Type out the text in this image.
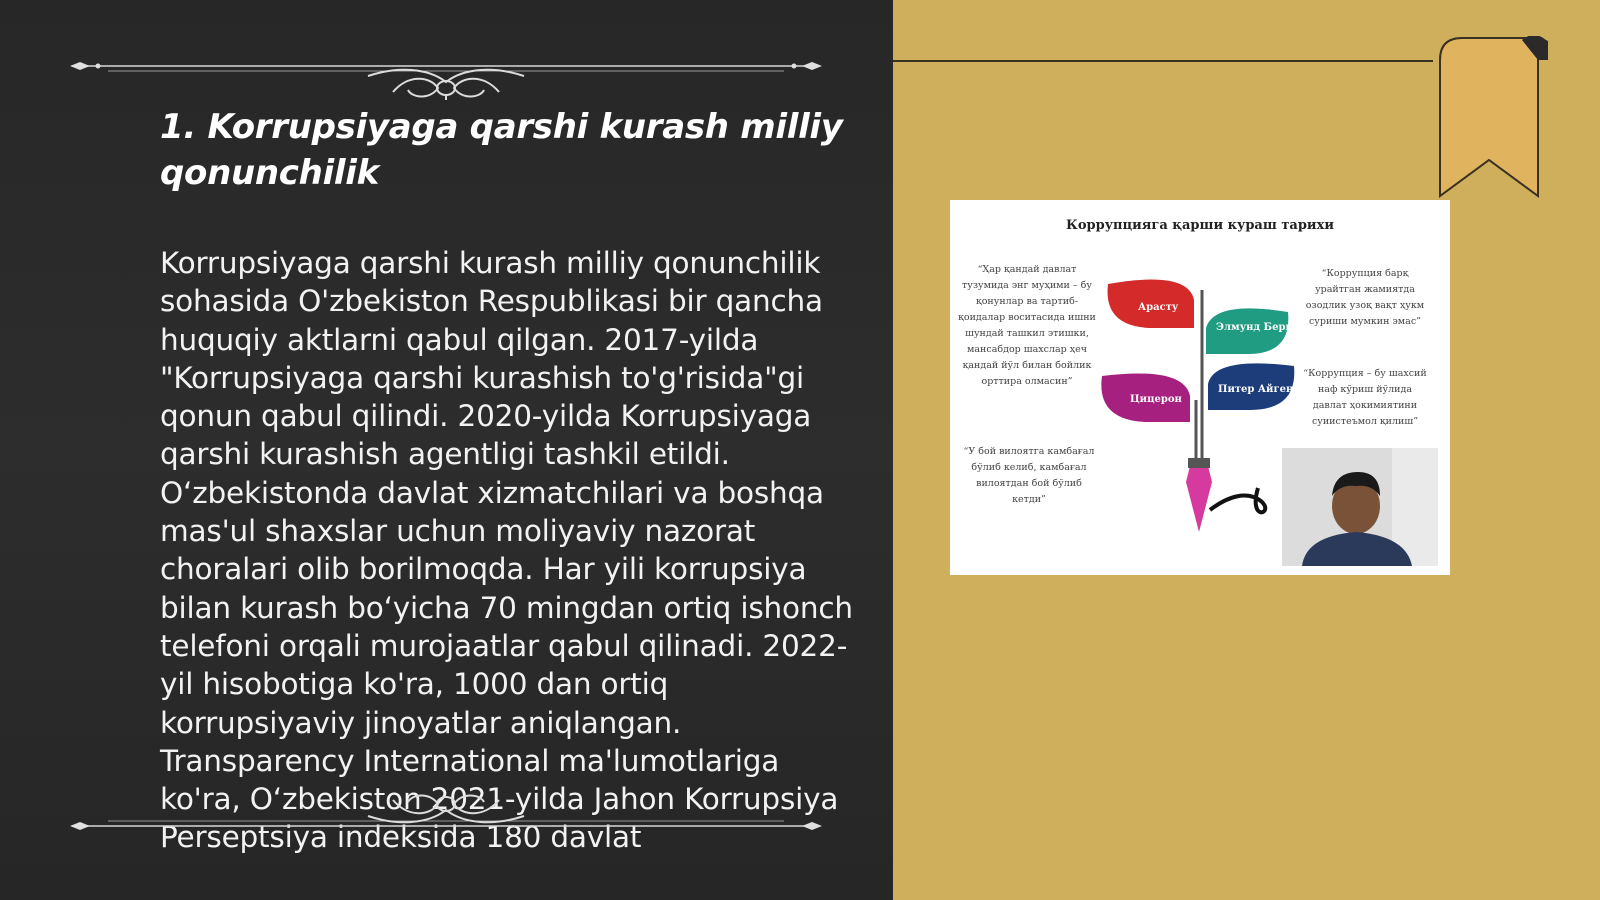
1. Korrupsiyaga qarshi kurash milliy qonunchilik

Korrupsiyaga qarshi kurash milliy qonunchilik sohasida O'zbekiston Respublikasi bir qancha huquqiy aktlarni qabul qilgan. 2017-yilda "Korrupsiyaga qarshi kurashish to'g'risida"gi qonun qabul qilindi. 2020-yilda Korrupsiyaga qarshi kurashish agentligi tashkil etildi. O‘zbekistonda davlat xizmatchilari va boshqa mas'ul shaxslar uchun moliyaviy nazorat choralari olib borilmoqda. Har yili korrupsiya bilan kurash bo‘yicha 70 mingdan ortiq ishonch telefoni orqali murojaatlar qabul qilinadi. 2022-yil hisobotiga ko'ra, 1000 dan ortiq korrupsiyaviy jinoyatlar aniqlangan. Transparency International ma'lumotlariga ko'ra, O‘zbekiston 2021-yilda Jahon Korrupsiya Perseptsiya indeksida 180 davlat

Коррупцияга қарши кураш тарихи
“Ҳар қандай давлат тузумида энг муҳими – бу қонунлар ва тартиб-қоидалар воситасида ишни шундай ташкил этишки, мансабдор шахслар ҳеч қандай йўл билан бойлик орттира олмасин”
“Коррупция барқ урайтган жамиятда озодлик узоқ вақт ҳукм суриши мумкин эмас”
“Коррупция – бу шахсий наф кўриш йўлида давлат ҳокимиятини суиистеъмол қилиш”
“У бой вилоятга камбағал бўлиб келиб, камбағал вилоятдан бой бўлиб кетди”
Арасту
Элмунд Берк
Цицерон
Питер Айген
